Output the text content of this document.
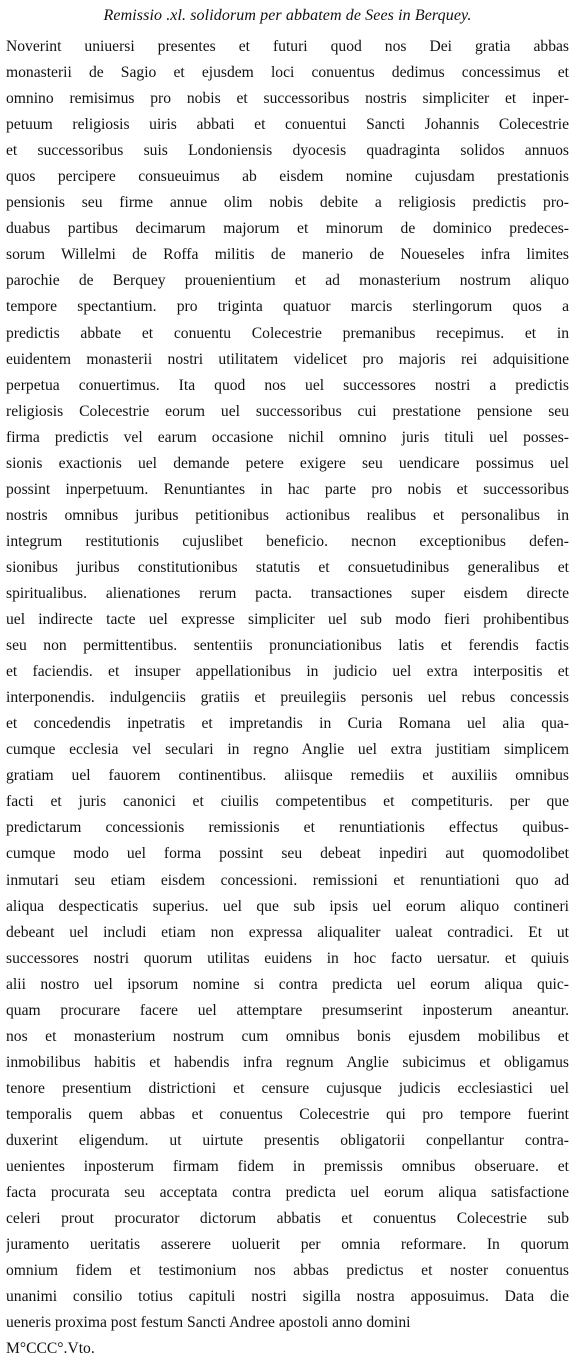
Remissio .xl. solidorum per abbatem de Sees in Berquey.
Noverint uniuersi presentes et futuri quod nos Dei gratia abbas
monasterii de Sagio et ejusdem loci conuentus dedimus concessimus et
omnino remisimus pro nobis et successoribus nostris simpliciter et inper-
petuum religiosis uiris abbati et conuentui Sancti Johannis Colecestrie
et successoribus suis Londoniensis dyocesis quadraginta solidos annuos
quos percipere consueuimus ab eisdem nomine cujusdam prestationis
pensionis seu firme annue olim nobis debite a religiosis predictis pro-
duabus partibus decimarum majorum et minorum de dominico predeces-
sorum Willelmi de Roffa militis de manerio de Noueseles infra limites
parochie de Berquey prouenientium et ad monasterium nostrum aliquo
tempore spectantium. pro triginta quatuor marcis sterlingorum quos a
predictis abbate et conuentu Colecestrie premanibus recepimus. et in
euidentem monasterii nostri utilitatem videlicet pro majoris rei adquisitione
perpetua conuertimus. Ita quod nos uel successores nostri a predictis
religiosis Colecestrie eorum uel successoribus cui prestatione pensione seu
firma predictis vel earum occasione nichil omnino juris tituli uel posses-
sionis exactionis uel demande petere exigere seu uendicare possimus uel
possint inperpetuum. Renuntiantes in hac parte pro nobis et successoribus
nostris omnibus juribus petitionibus actionibus realibus et personalibus in
integrum restitutionis cujuslibet beneficio. necnon exceptionibus defen-
sionibus juribus constitutionibus statutis et consuetudinibus generalibus et
spiritualibus. alienationes rerum pacta. transactiones super eisdem directe
uel indirecte tacte uel expresse simpliciter uel sub modo fieri prohibentibus
seu non permittentibus. sententiis pronunciationibus latis et ferendis factis
et faciendis. et insuper appellationibus in judicio uel extra interpositis et
interponendis. indulgenciis gratiis et preuilegiis personis uel rebus concessis
et concedendis inpetratis et impretandis in Curia Romana uel alia qua-
cumque ecclesia vel seculari in regno Anglie uel extra justitiam simplicem
gratiam uel fauorem continentibus. aliisque remediis et auxiliis omnibus
facti et juris canonici et ciuilis competentibus et competituris. per que
predictarum concessionis remissionis et renuntiationis effectus quibus-
cumque modo uel forma possint seu debeat inpediri aut quomodolibet
inmutari seu etiam eisdem concessioni. remissioni et renuntiationi quo ad
aliqua despecticatis superius. uel que sub ipsis uel eorum aliquo contineri
debeant uel includi etiam non expressa aliqualiter ualeat contradici. Et ut
successores nostri quorum utilitas euidens in hoc facto uersatur. et quiuis
alii nostro uel ipsorum nomine si contra predicta uel eorum aliqua quic-
quam procurare facere uel attemptare presumserint inposterum aneantur.
nos et monasterium nostrum cum omnibus bonis ejusdem mobilibus et
inmobilibus habitis et habendis infra regnum Anglie subicimus et obligamus
tenore presentium districtioni et censure cujusque judicis ecclesiastici uel
temporalis quem abbas et conuentus Colecestrie qui pro tempore fuerint
duxerint eligendum. ut uirtute presentis obligatorii conpellantur contra-
uenientes inposterum firmam fidem in premissis omnibus obseruare. et
facta procurata seu acceptata contra predicta uel eorum aliqua satisfactione
celeri prout procurator dictorum abbatis et conuentus Colecestrie sub
juramento ueritatis asserere uoluerit per omnia reformare. In quorum
omnium fidem et testimonium nos abbas predictus et noster conuentus
unanimi consilio totius capituli nostri sigilla nostra apposuimus. Data die
ueneris proxima post festum Sancti Andree apostoli anno domini
M°CCC°.Vto.
